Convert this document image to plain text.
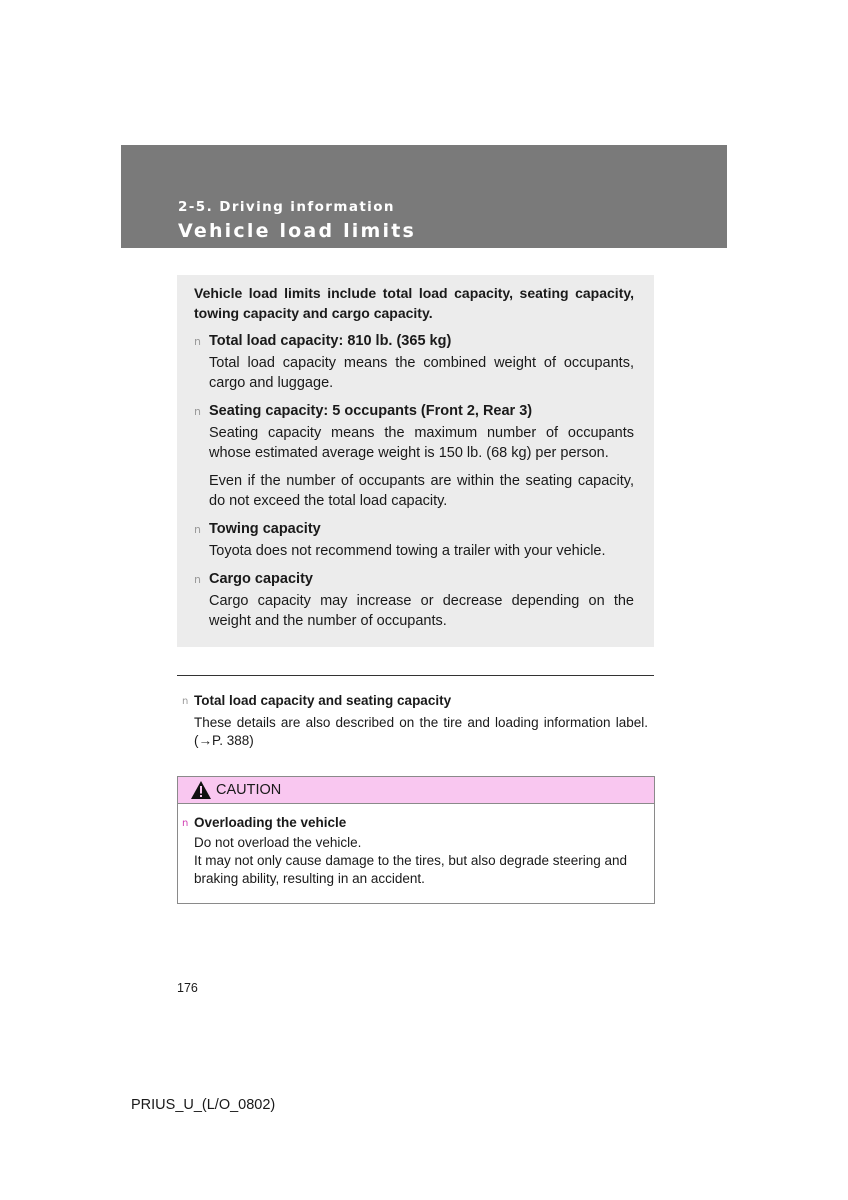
2-5. Driving information
Vehicle load limits

Vehicle load limits include total load capacity, seating capacity, towing capacity and cargo capacity.

n Total load capacity: 810 lb. (365 kg)
Total load capacity means the combined weight of occupants, cargo and luggage.
n Seating capacity: 5 occupants (Front 2, Rear 3)
Seating capacity means the maximum number of occupants whose estimated average weight is 150 lb. (68 kg) per person.
Even if the number of occupants are within the seating capacity, do not exceed the total load capacity.
n Towing capacity
Toyota does not recommend towing a trailer with your vehicle.
n Cargo capacity
Cargo capacity may increase or decrease depending on the weight and the number of occupants.
n Total load capacity and seating capacity
These details are also described on the tire and loading information label. (→P. 388)
CAUTION
n Overloading the vehicle
Do not overload the vehicle.
It may not only cause damage to the tires, but also degrade steering and braking ability, resulting in an accident.
176
PRIUS_U_(L/O_0802)
